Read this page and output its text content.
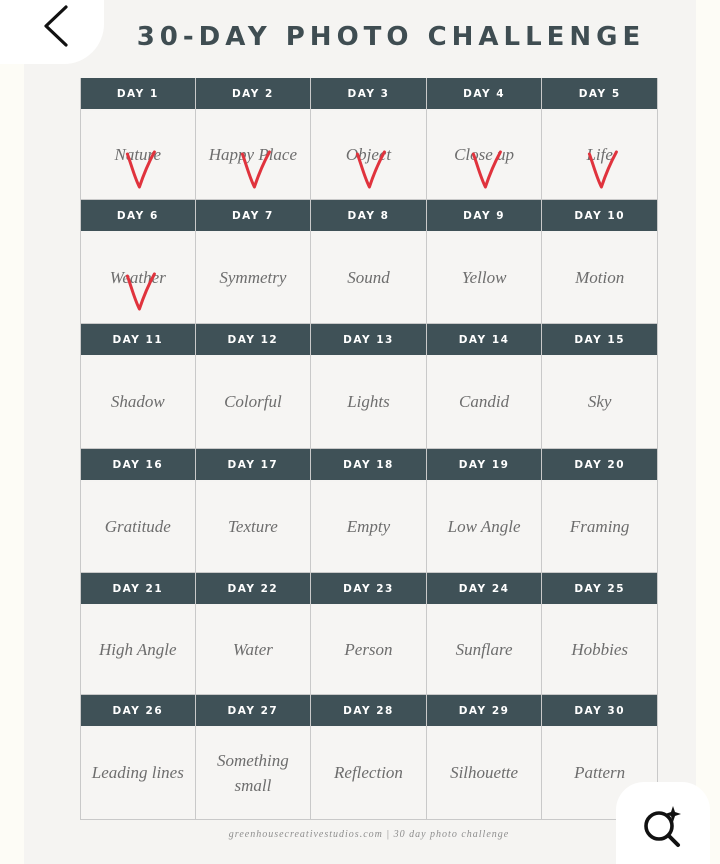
30-DAY PHOTO CHALLENGE
DAY 1
Nature
DAY 2
Happy Place
DAY 3
Object
DAY 4
Close up
DAY 5
Life
DAY 6
Weather
DAY 7
Symmetry
DAY 8
Sound
DAY 9
Yellow
DAY 10
Motion
DAY 11
Shadow
DAY 12
Colorful
DAY 13
Lights
DAY 14
Candid
DAY 15
Sky
DAY 16
Gratitude
DAY 17
Texture
DAY 18
Empty
DAY 19
Low Angle
DAY 20
Framing
DAY 21
High Angle
DAY 22
Water
DAY 23
Person
DAY 24
Sunflare
DAY 25
Hobbies
DAY 26
Leading lines
DAY 27
Something small
DAY 28
Reflection
DAY 29
Silhouette
DAY 30
Pattern
greenhousecreativestudios.com | 30 day photo challenge
